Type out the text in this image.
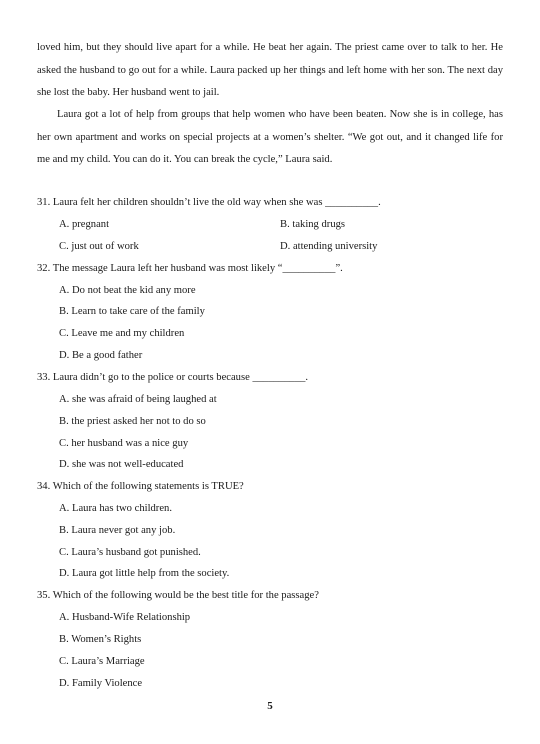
loved him, but they should live apart for a while. He beat her again. The priest came over to talk to her. He asked the husband to go out for a while. Laura packed up her things and left home with her son. The next day she lost the baby. Her husband went to jail.
Laura got a lot of help from groups that help women who have been beaten. Now she is in college, has her own apartment and works on special projects at a women’s shelter. “We got out, and it changed life for me and my child. You can do it. You can break the cycle,” Laura said.
31. Laura felt her children shouldn’t live the old way when she was __________.
A. pregnant	B. taking drugs
C. just out of work	D. attending university
32. The message Laura left her husband was most likely “__________”.
A. Do not beat the kid any more
B. Learn to take care of the family
C. Leave me and my children
D. Be a good father
33. Laura didn’t go to the police or courts because __________.
A. she was afraid of being laughed at
B. the priest asked her not to do so
C. her husband was a nice guy
D. she was not well-educated
34. Which of the following statements is TRUE?
A. Laura has two children.
B. Laura never got any job.
C. Laura’s husband got punished.
D. Laura got little help from the society.
35. Which of the following would be the best title for the passage?
A. Husband-Wife Relationship
B. Women’s Rights
C. Laura’s Marriage
D. Family Violence
5
